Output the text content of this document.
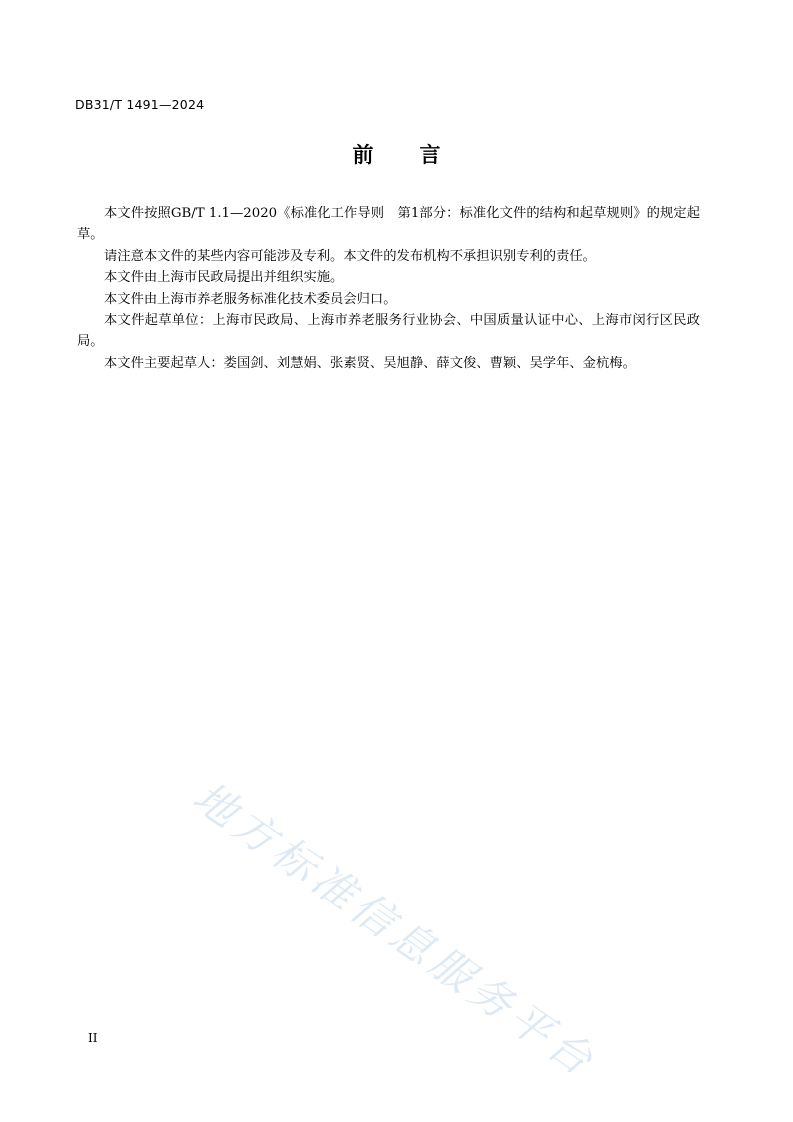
DB31/T 1491—2024
前 言

本文件按照GB/T 1.1—2020《标准化工作导则　第1部分：标准化文件的结构和起草规则》的规定起草。

请注意本文件的某些内容可能涉及专利。本文件的发布机构不承担识别专利的责任。

本文件由上海市民政局提出并组织实施。

本文件由上海市养老服务标准化技术委员会归口。

本文件起草单位：上海市民政局、上海市养老服务行业协会、中国质量认证中心、上海市闵行区民政局。

本文件主要起草人：娄国剑、刘慧娟、张素贤、吴旭静、薛文俊、曹颖、吴学年、金杭梅。

地方标准信息服务平台
II
